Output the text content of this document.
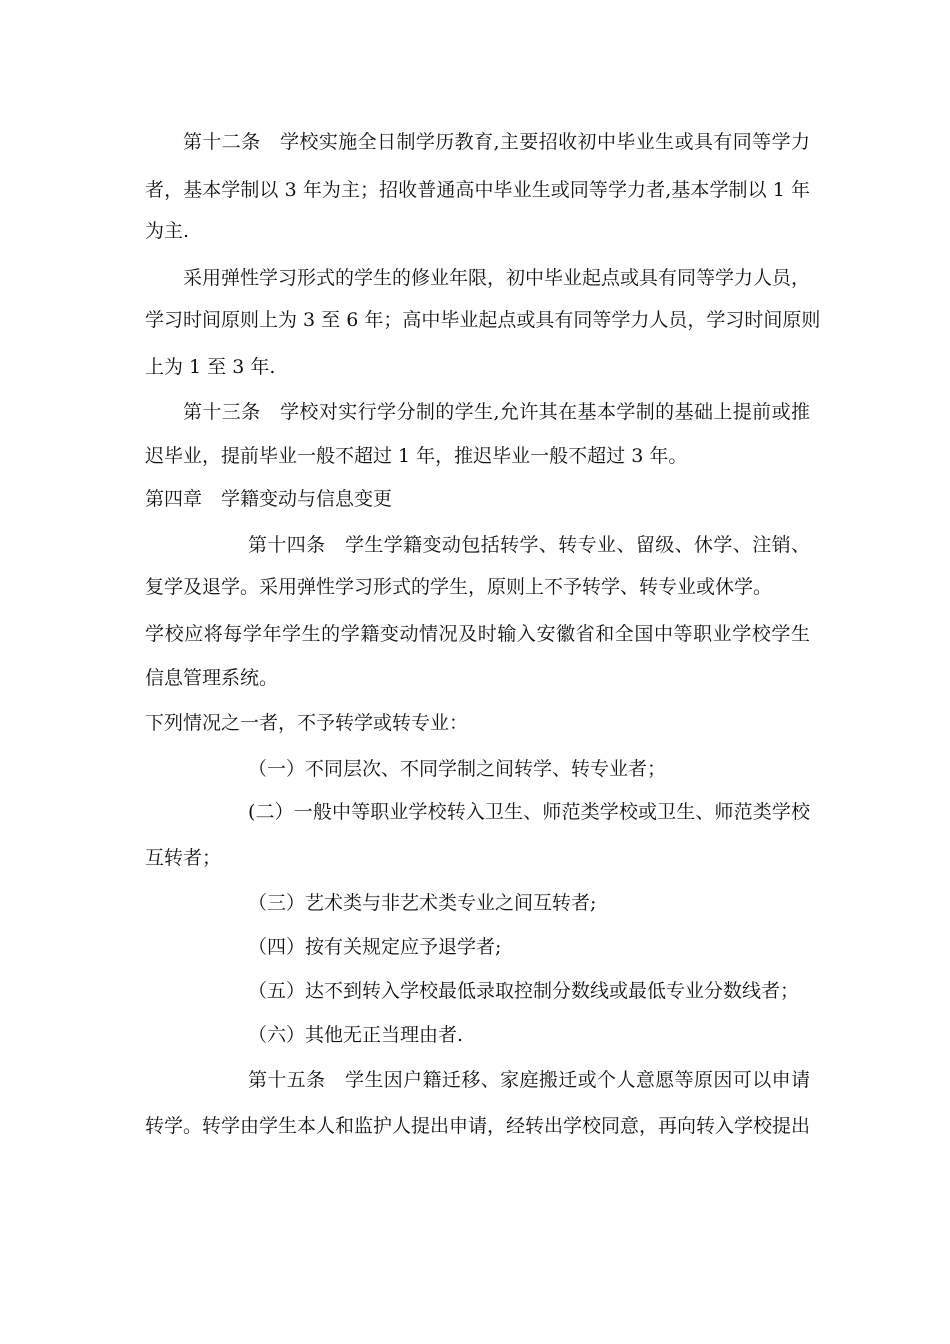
第十二条　学校实施全日制学历教育,主要招收初中毕业生或具有同等学力
者，基本学制以 3 年为主；招收普通高中毕业生或同等学力者,基本学制以 1 年
为主.
采用弹性学习形式的学生的修业年限，初中毕业起点或具有同等学力人员，
学习时间原则上为 3 至 6 年；高中毕业起点或具有同等学力人员，学习时间原则
上为 1 至 3 年.
第十三条　学校对实行学分制的学生,允许其在基本学制的基础上提前或推
迟毕业，提前毕业一般不超过 1 年，推迟毕业一般不超过 3 年。
第四章　学籍变动与信息变更
第十四条　学生学籍变动包括转学、转专业、留级、休学、注销、
复学及退学。采用弹性学习形式的学生，原则上不予转学、转专业或休学。
学校应将每学年学生的学籍变动情况及时输入安徽省和全国中等职业学校学生
信息管理系统。
下列情况之一者，不予转学或转专业：
（一）不同层次、不同学制之间转学、转专业者；
(二）一般中等职业学校转入卫生、师范类学校或卫生、师范类学校
互转者；
（三）艺术类与非艺术类专业之间互转者;
（四）按有关规定应予退学者;
（五）达不到转入学校最低录取控制分数线或最低专业分数线者；
（六）其他无正当理由者.
第十五条　学生因户籍迁移、家庭搬迁或个人意愿等原因可以申请
转学。转学由学生本人和监护人提出申请，经转出学校同意，再向转入学校提出
